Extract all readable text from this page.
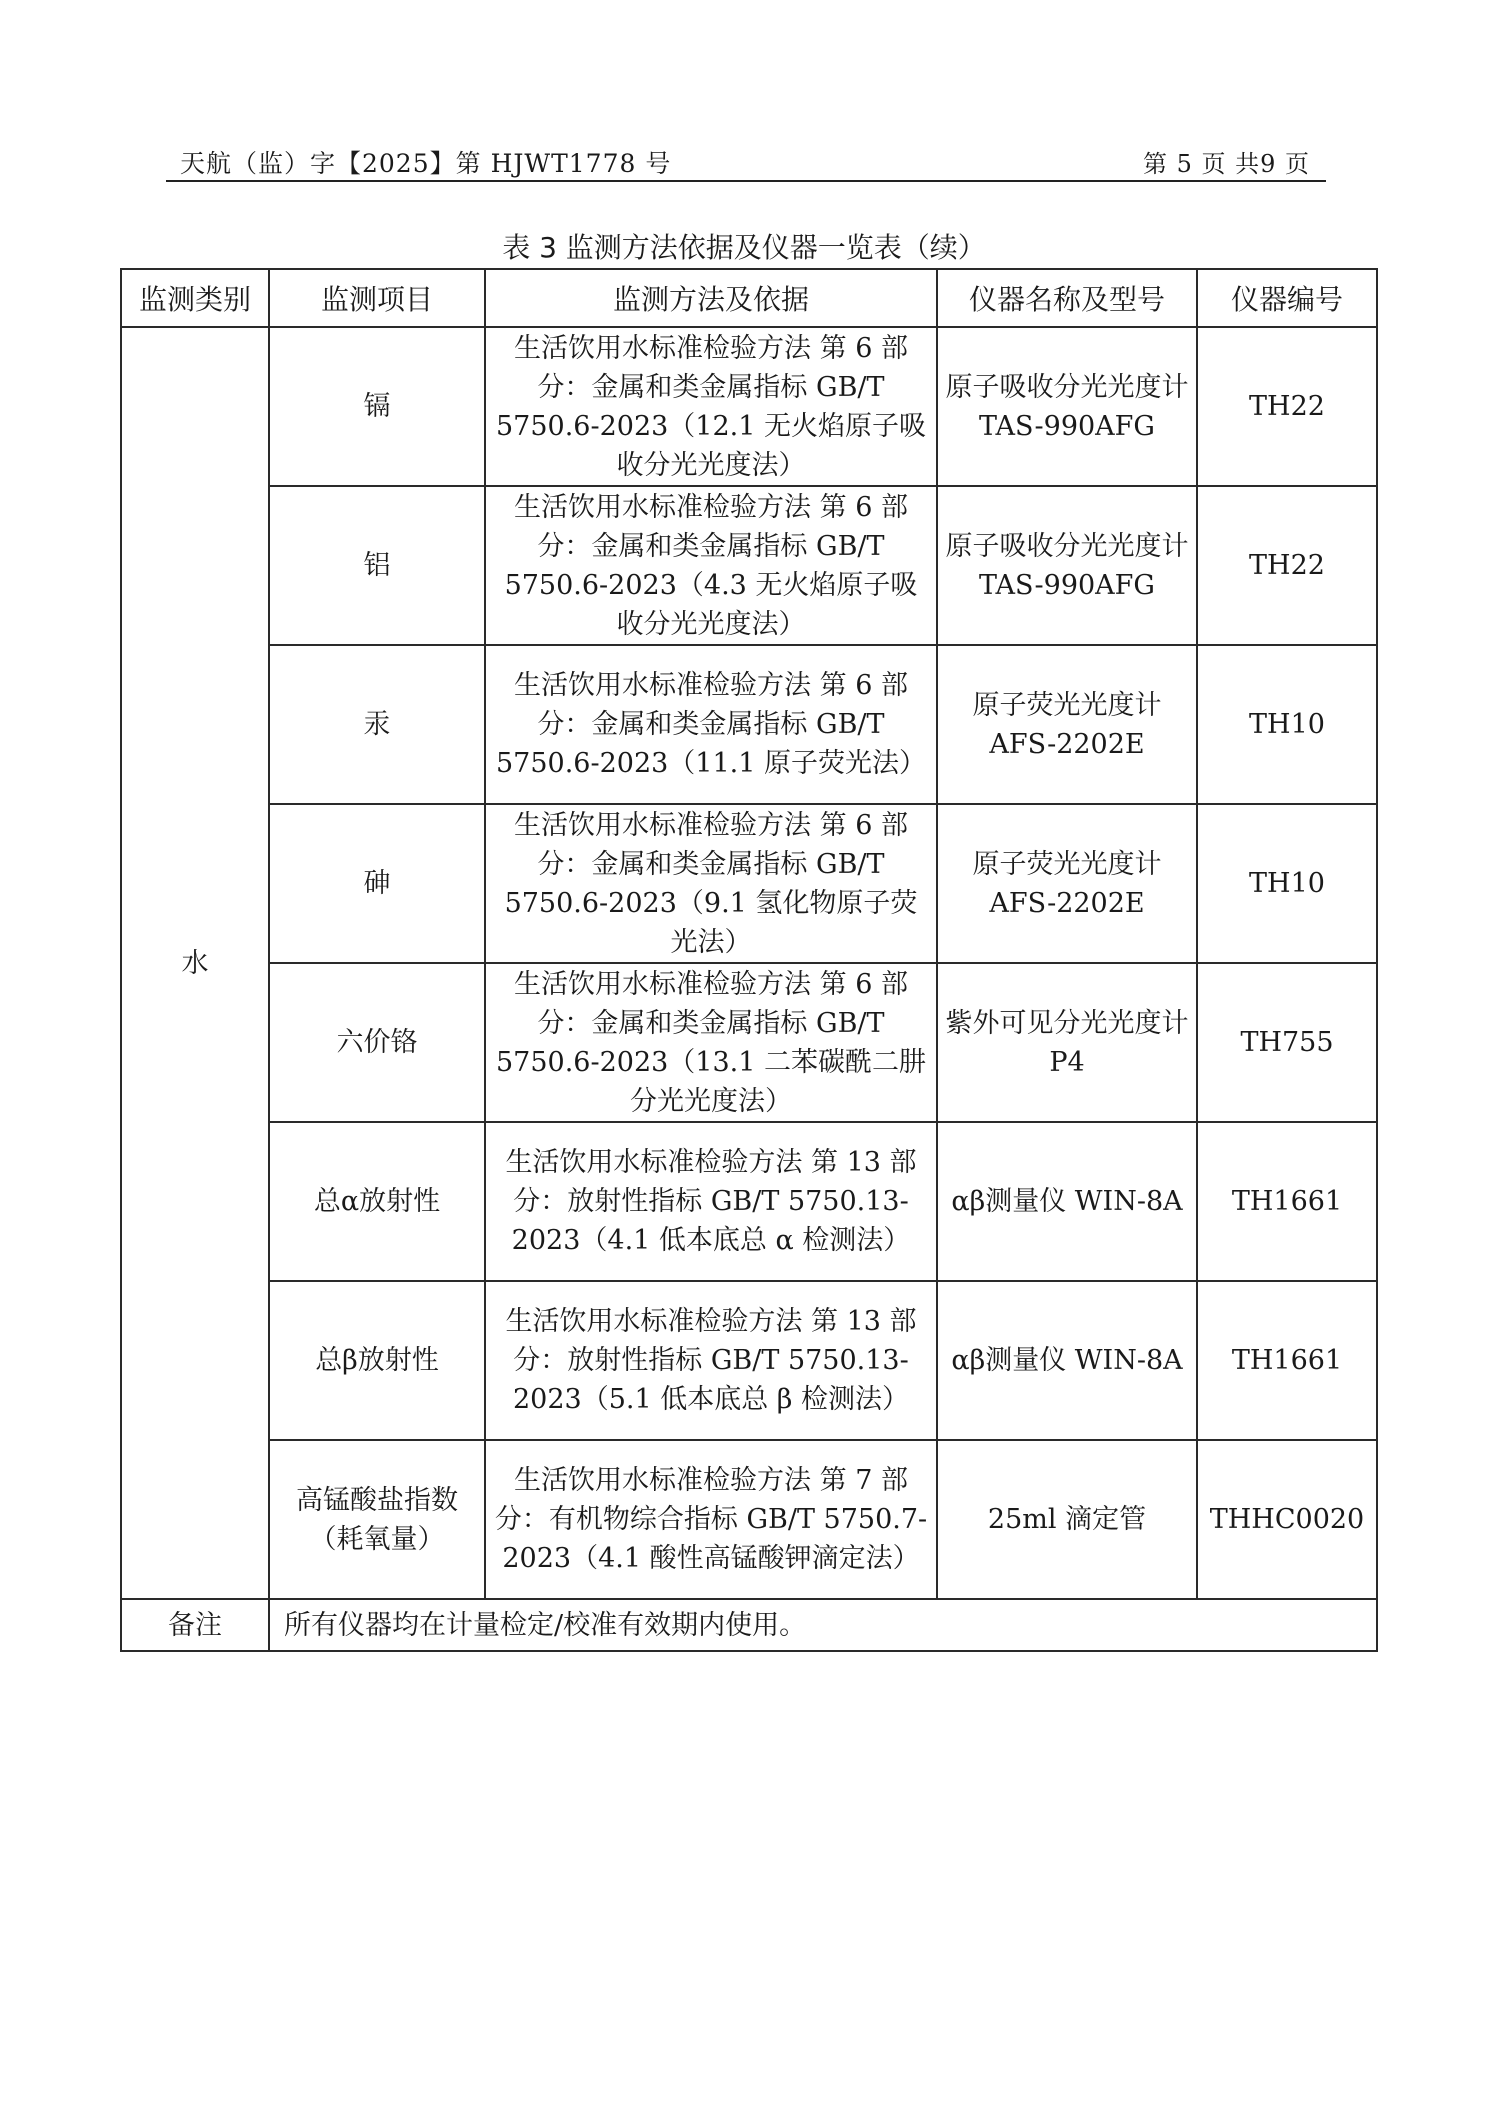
天航（监）字【2025】第 HJWT1778 号	第 5 页 共9 页
表 3 监测方法依据及仪器一览表（续）
监测类别	监测项目	监测方法及依据	仪器名称及型号	仪器编号
水	镉	生活饮用水标准检验方法 第 6 部分：金属和类金属指标 GB/T 5750.6-2023（12.1 无火焰原子吸收分光光度法）	原子吸收分光光度计 TAS-990AFG	TH22
	铝	生活饮用水标准检验方法 第 6 部分：金属和类金属指标 GB/T 5750.6-2023（4.3 无火焰原子吸收分光光度法）	原子吸收分光光度计 TAS-990AFG	TH22
	汞	生活饮用水标准检验方法 第 6 部分：金属和类金属指标 GB/T 5750.6-2023（11.1 原子荧光法）	原子荧光光度计 AFS-2202E	TH10
	砷	生活饮用水标准检验方法 第 6 部分：金属和类金属指标 GB/T 5750.6-2023（9.1 氢化物原子荧光法）	原子荧光光度计 AFS-2202E	TH10
	六价铬	生活饮用水标准检验方法 第 6 部分：金属和类金属指标 GB/T 5750.6-2023（13.1 二苯碳酰二肼分光光度法）	紫外可见分光光度计 P4	TH755
	总α放射性	生活饮用水标准检验方法 第 13 部分：放射性指标 GB/T 5750.13-2023（4.1 低本底总 α 检测法）	αβ测量仪 WIN-8A	TH1661
	总β放射性	生活饮用水标准检验方法 第 13 部分：放射性指标 GB/T 5750.13-2023（5.1 低本底总 β 检测法）	αβ测量仪 WIN-8A	TH1661
	高锰酸盐指数（耗氧量）	生活饮用水标准检验方法 第 7 部分：有机物综合指标 GB/T 5750.7-2023（4.1 酸性高锰酸钾滴定法）	25ml 滴定管	THHC0020
备注	所有仪器均在计量检定/校准有效期内使用。			
